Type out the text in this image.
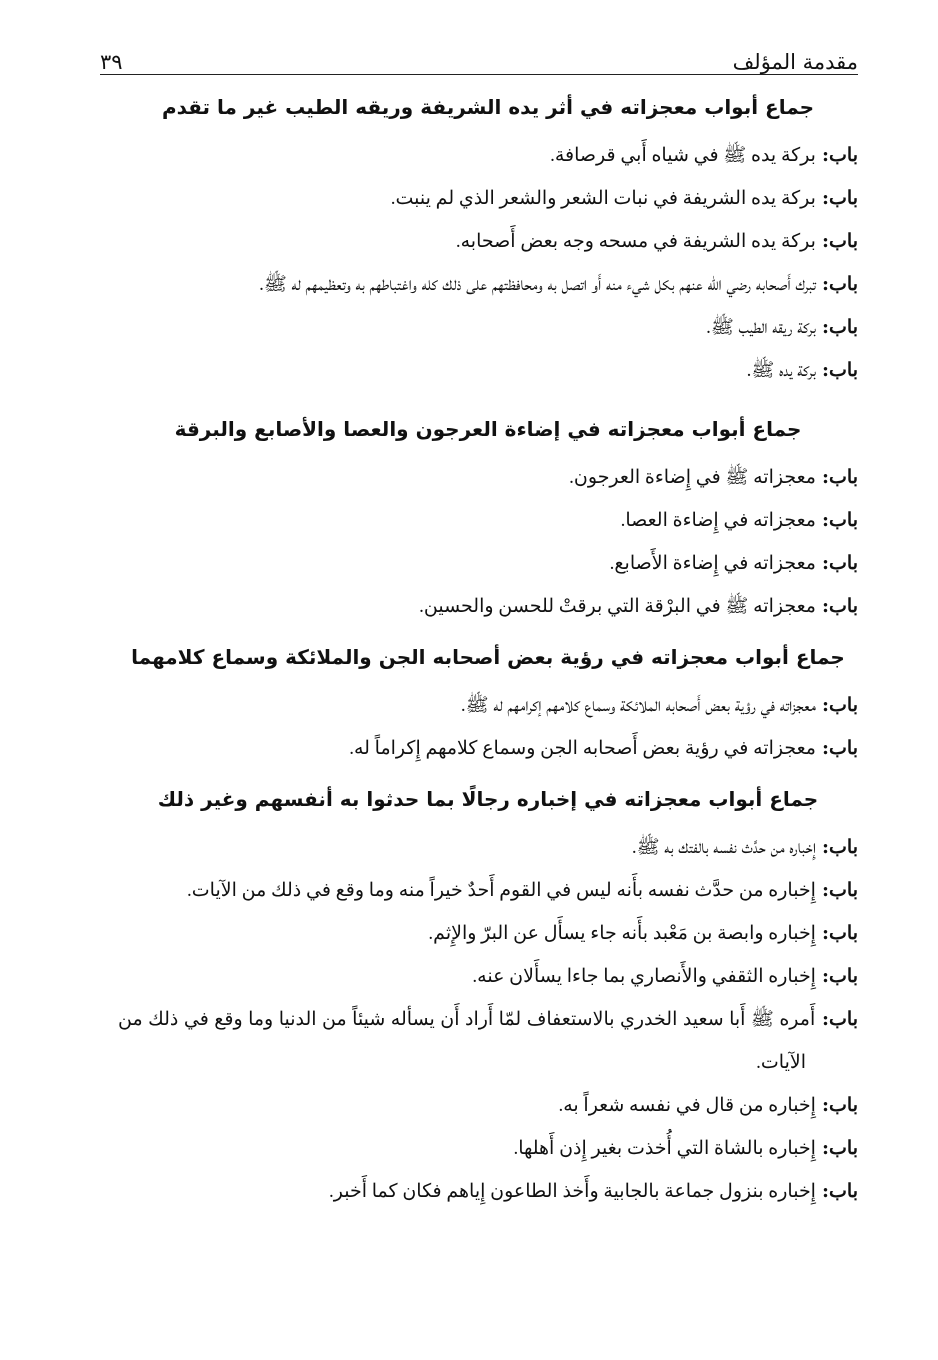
مقدمة المؤلف
٣٩
جماع أبواب معجزاته في أثر يده الشريفة وريقه الطيب غير ما تقدم
باب: بركة يده ﷺ في شياه أَبي قرصافة.
باب: بركة يده الشريفة في نبات الشعر والشعر الذي لم ينبت.
باب: بركة يده الشريفة في مسحه وجه بعض أَصحابه.
باب: تبرك أَصحابه رضي الله عنهم بكل شيء منه أَو اتصل به ومحافظتهم على ذلك كله واغتباطهم به وتعظيمهم له ﷺ.
باب: بركة ريقه الطيب ﷺ.
باب: بركة يده ﷺ.
جماع أبواب معجزاته في إضاءة العرجون والعصا والأصابع والبرقة
باب: معجزاته ﷺ في إِضاءة العرجون.
باب: معجزاته في إِضاءة العصا.
باب: معجزاته في إِضاءة الأَصابع.
باب: معجزاته ﷺ في البرْقة التي برقتْ للحسن والحسين.
جماع أبواب معجزاته في رؤية بعض أصحابه الجن والملائكة وسماع كلامهما
باب: معجزاته في رؤية بعض أَصحابه الملائكة وسماع كلامهم إكرامهم له ﷺ.
باب: معجزاته في رؤية بعض أَصحابه الجن وسماع كلامهم إِكراماً له.
جماع أبواب معجزاته في إخباره رجالًا بما حدثوا به أنفسهم وغير ذلك
باب: إِخباره من حدَّث نفسه بالفتك به ﷺ.
باب: إِخباره من حدَّث نفسه بأَنه ليس في القوم أَحدٌ خيراً منه وما وقع في ذلك من الآيات.
باب: إِخباره وابصة بن مَعْبد بأَنه جاء يسأَل عن البرّ والإِثم.
باب: إِخباره الثقفي والأَنصاري بما جاءا يسأَلان عنه.
باب: أَمره ﷺ أَبا سعيد الخدري بالاستعفاف لمّا أَراد أَن يسأله شيئاً من الدنيا وما وقع في ذلك من الآيات.
باب: إِخباره من قال في نفسه شعراً به.
باب: إِخباره بالشاة التي أُخذت بغير إِذن أَهلها.
باب: إِخباره بنزول جماعة بالجابية وأَخذ الطاعون إِياهم فكان كما أَخبر.
